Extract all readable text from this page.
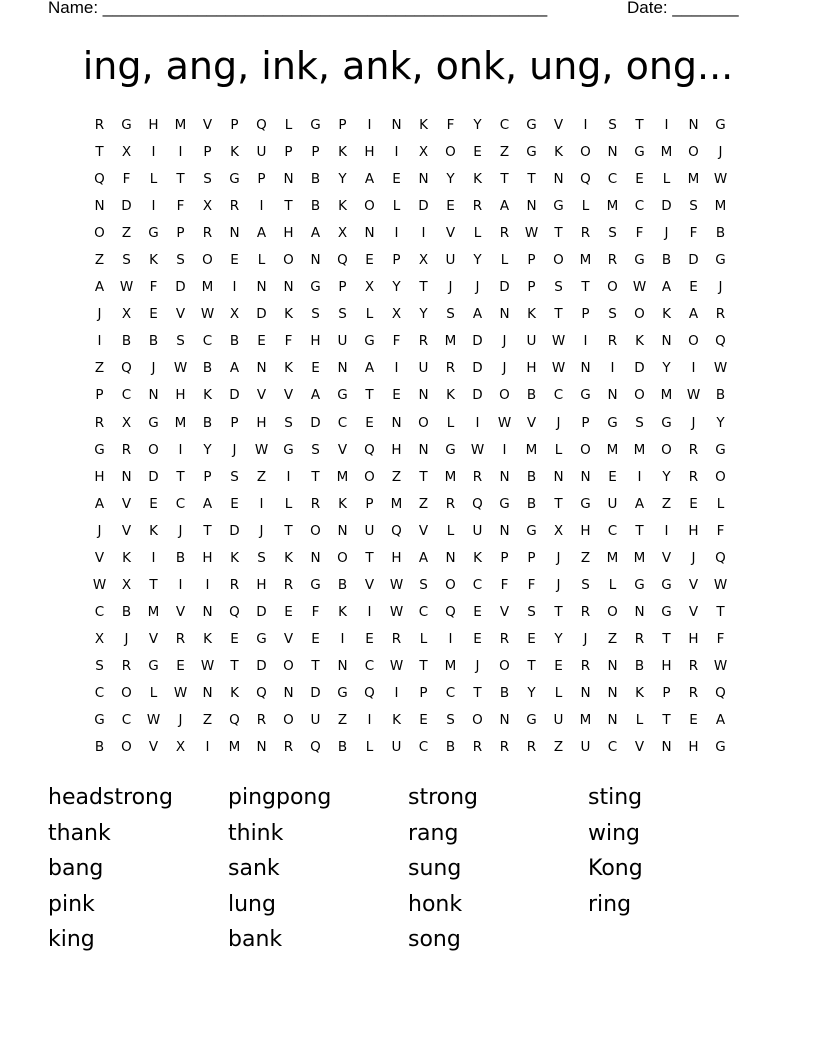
Name: _______________________________________________	Date: _______
ing, ang, ink, ank, onk, ung, ong...
R G H M V P Q L G P I N K F Y C G V I S T I N G
T X I I P K U P P K H I X O E Z G K O N G M O J
Q F L T S G P N B Y A E N Y K T T N Q C E L M W
N D I F X R I T B K O L D E R A N G L M C D S M
O Z G P R N A H A X N I I V L R W T R S F J F B
Z S K S O E L O N Q E P X U Y L P O M R G B D G
A W F D M I N N G P X Y T J J D P S T O W A E J
J X E V W X D K S S L X Y S A N K T P S O K A R
I B B S C B E F H U G F R M D J U W I R K N O Q
Z Q J W B A N K E N A I U R D J H W N I D Y I W
P C N H K D V V A G T E N K D O B C G N O M W B
R X G M B P H S D C E N O L I W V J P G S G J Y
G R O I Y J W G S V Q H N G W I M L O M M O R G
H N D T P S Z I T M O Z T M R N B N N E I Y R O
A V E C A E I L R K P M Z R Q G B T G U A Z E L
J V K J T D J T O N U Q V L U N G X H C T I H F
V K I B H K S K N O T H A N K P P J Z M M V J Q
W X T I I R H R G B V W S O C F F J S L G G V W
C B M V N Q D E F K I W C Q E V S T R O N G V T
X J V R K E G V E I E R L I E R E Y J Z R T H F
S R G E W T D O T N C W T M J O T E R N B H R W
C O L W N K Q N D G Q I P C T B Y L N N K P R Q
G C W J Z Q R O U Z I K E S O N G U M N L T E A
B O V X I M N R Q B L U C B R R R Z U C V N H G
headstrong
thank
bang
pink
king
pingpong
think
sank
lung
bank
strong
rang
sung
honk
song
sting
wing
Kong
ring
